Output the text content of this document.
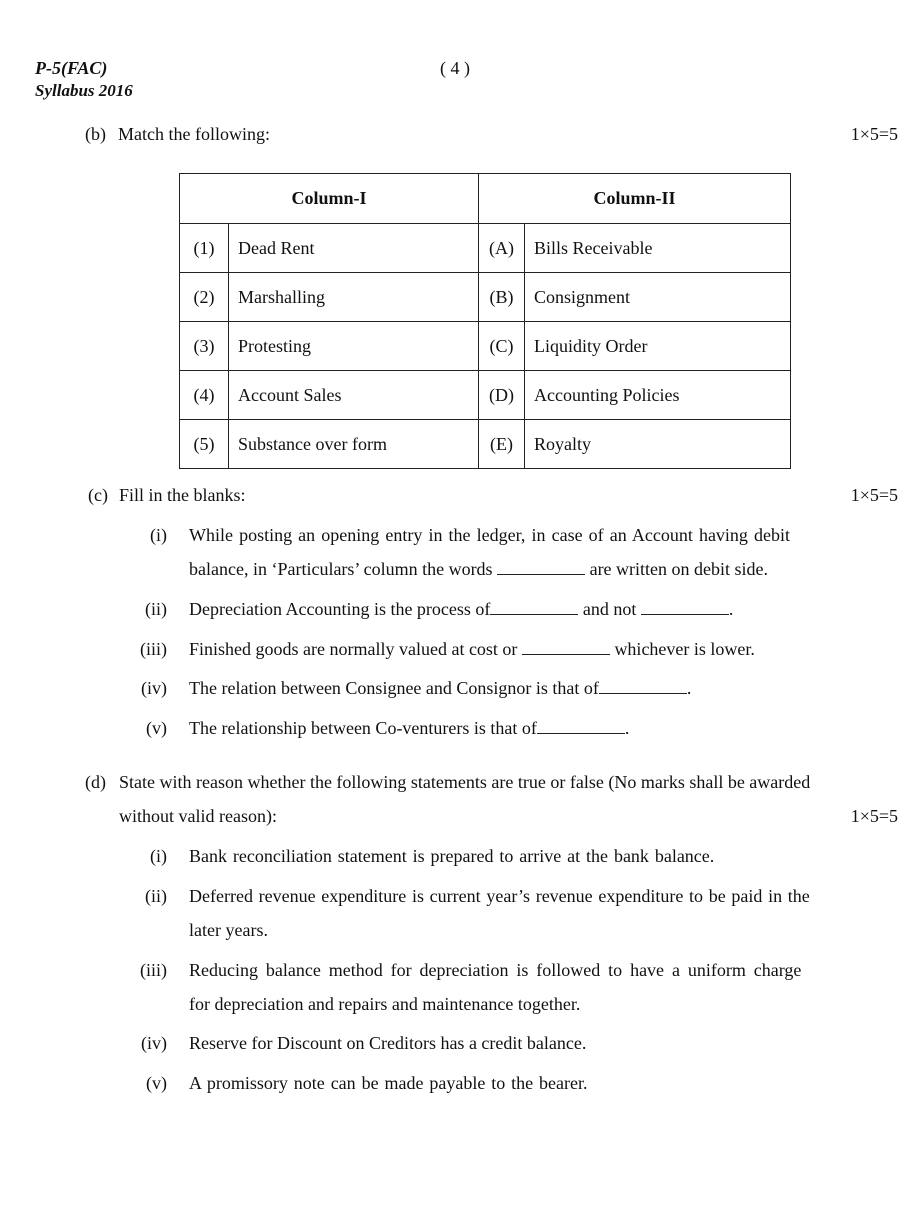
P-5(FAC)
Syllabus 2016
( 4 )
(b) Match the following:	1×5=5
Column-I		Column-II	
(1)	Dead Rent	(A)	Bills Receivable
(2)	Marshalling	(B)	Consignment
(3)	Protesting	(C)	Liquidity Order
(4)	Account Sales	(D)	Accounting Policies
(5)	Substance over form	(E)	Royalty
(c) Fill in the blanks:	1×5=5
(i) While posting an opening entry in the ledger, in case of an Account having debit
balance, in ‘Particulars’ column the words	are written on debit side.
(ii) Depreciation Accounting is the process of	and not	.
(iii) Finished goods are normally valued at cost or	whichever is lower.
(iv) The relation between Consignee and Consignor is that of	.
(v) The relationship between Co-venturers is that of	.
(d) State with reason whether the following statements are true or false (No marks shall be awarded
without valid reason):	1×5=5
(i) Bank reconciliation statement is prepared to arrive at the bank balance.
(ii) Deferred revenue expenditure is current year’s revenue expenditure to be paid in the
later years.
(iii) Reducing balance method for depreciation is followed to have a uniform charge
for depreciation and repairs and maintenance together.
(iv) Reserve for Discount on Creditors has a credit balance.
(v) A promissory note can be made payable to the bearer.
